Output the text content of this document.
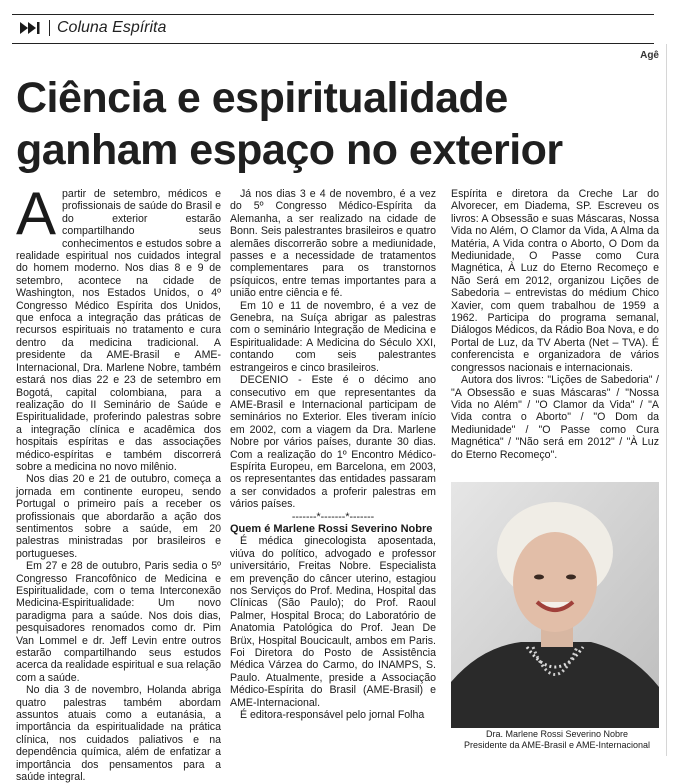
Coluna Espírita
Agê
Ciência e espiritualidade
ganham espaço no exterior
A partir de setembro, médicos e profissionais de saúde do Brasil e do exterior estarão compartilhando seus conhecimentos e estudos sobre a realidade espiritual nos cuidados integral do homem moderno. Nos dias 8 e 9 de setembro, acontece na cidade de Washington, nos Estados Unidos, o 4º Congresso Médico Espírita dos Unidos, que enfoca a integração das práticas de recursos espirituais no tratamento e cura dentro da medicina tradicional. A presidente da AME-Brasil e AME-Internacional, Dra. Marlene Nobre, também estará nos dias 22 e 23 de setembro em Bogotá, capital colombiana, para a realização do II Seminário de Saúde e Espiritualidade, proferindo palestras sobre a integração clínica e acadêmica dos hospitais espíritas e das associações médico-espíritas e também discorrerá sobre a medicina no novo milênio.

Nos dias 20 e 21 de outubro, começa a jornada em continente europeu, sendo Portugal o primeiro país a receber os profissionais que abordarão a ação dos sentimentos sobre a saúde, em 20 palestras ministradas por brasileiros e portugueses.

Em 27 e 28 de outubro, Paris sedia o 5º Congresso Francofônico de Medicina e Espiritualidade, com o tema Interconexão Medicina-Espiritualidade: Um novo paradigma para a saúde. Nos dois dias, pesquisadores renomados como dr. Pim Van Lommel e dr. Jeff Levin entre outros estarão compartilhando seus estudos acerca da realidade espiritual e sua relação com a saúde.

No dia 3 de novembro, Holanda abriga quatro palestras também abordam assuntos atuais como a eutanásia, a importância da espiritualidade na prática clínica, nos cuidados paliativos e na dependência química, além de enfatizar a importância dos pensamentos para a saúde integral.

Já nos dias 3 e 4 de novembro, é a vez do 5º Congresso Médico-Espírita da Alemanha, a ser realizado na cidade de Bonn. Seis palestrantes brasileiros e quatro alemães discorrerão sobre a mediunidade, passes e a necessidade de tratamentos complementares para os transtornos psíquicos, entre temas importantes para a união entre ciência e fé.

Em 10 e 11 de novembro, é a vez de Genebra, na Suíça abrigar as palestras com o seminário Integração de Medicina e Espiritualidade: A Medicina do Século XXI, contando com seis palestrantes estrangeiros e cinco brasileiros.

DECENIO - Este é o décimo ano consecutivo em que representantes da AME-Brasil e Internacional participam de seminários no Exterior. Eles tiveram início em 2002, com a viagem da Dra. Marlene Nobre por vários países, durante 30 dias. Com a realização do 1º Encontro Médico-Espírita Europeu, em Barcelona, em 2003, os representantes das entidades passaram a ser convidados a proferir palestras em vários países.

-------*-------*-------

Quem é Marlene Rossi Severino Nobre

É médica ginecologista aposentada, viúva do político, advogado e professor universitário, Freitas Nobre. Especialista em prevenção do câncer uterino, estagiou nos Serviços do Prof. Medina, Hospital das Clínicas (São Paulo); do Prof. Raoul Palmer, Hospital Broca; do Laboratório de Anatomia Patológica do Prof. Jean De Brüx, Hospital Boucicault, ambos em Paris. Foi Diretora do Posto de Assistência Médica Várzea do Carmo, do INAMPS, S. Paulo. Atualmente, preside a Associação Médico-Espírita do Brasil (AME-Brasil) e AME-Internacional.

É editora-responsável pelo jornal Folha

Espírita e diretora da Creche Lar do Alvorecer, em Diadema, SP. Escreveu os livros: A Obsessão e suas Máscaras, Nossa Vida no Além, O Clamor da Vida, A Alma da Matéria, A Vida contra o Aborto, O Dom da Mediunidade, O Passe como Cura Magnética, À Luz do Eterno Recomeço e Não Será em 2012, organizou Lições de Sabedoria – entrevistas do médium Chico Xavier, com quem trabalhou de 1959 a 1962. Participa do programa semanal, Diálogos Médicos, da Rádio Boa Nova, e do Portal de Luz, da TV Aberta (Net – TVA). É conferencista e organizadora de vários congressos nacionais e internacionais.

Autora dos livros: "Lições de Sabedoria" / "A Obsessão e suas Máscaras" / "Nossa Vida no Além" / "O Clamor da Vida" / "A Vida contra o Aborto" / "O Dom da Mediunidade" / "O Passe como Cura Magnética" / "Não será em 2012" / "À Luz do Eterno Recomeço".

Dra. Marlene Rossi Severino Nobre
Presidente da AME-Brasil e AME-Internacional
